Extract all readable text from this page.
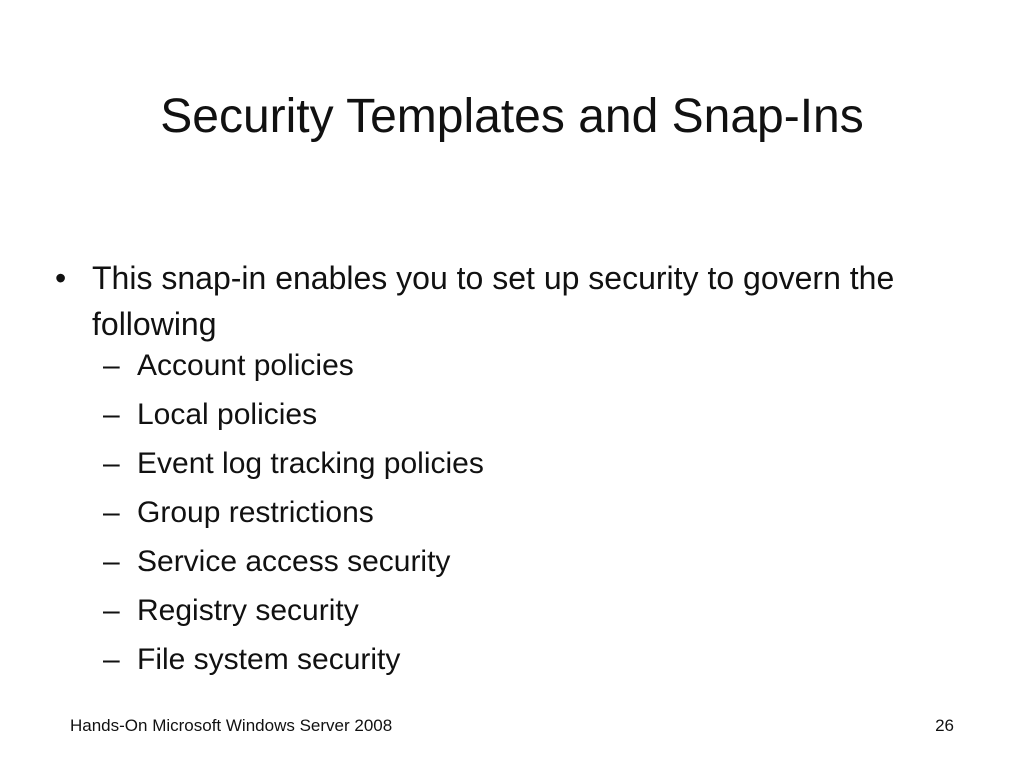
Security Templates and Snap-Ins
• This snap-in enables you to set up security to govern the following
– Account policies
– Local policies
– Event log tracking policies
– Group restrictions
– Service access security
– Registry security
– File system security
Hands-On Microsoft Windows Server 2008	26
